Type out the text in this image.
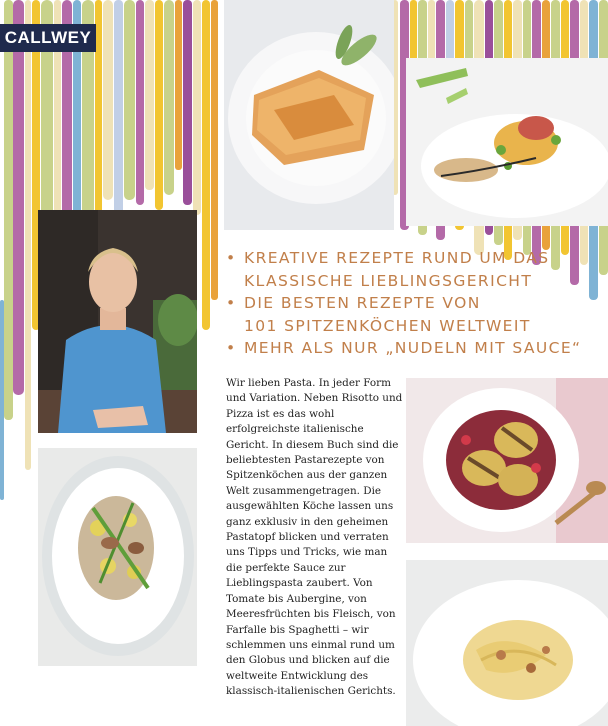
CALLWEY
• KREATIVE REZEPTE RUND UM DAS
KLASSISCHE LIEBLINGSGERICHT
• DIE BESTEN REZEPTE VON
101 SPITZENKÖCHEN WELTWEIT
• MEHR ALS NUR „NUDELN MIT SAUCE“
Wir lieben Pasta. In jeder Form und Variation. Neben Risotto und Pizza ist es das wohl erfolgreichste italienische Gericht. In diesem Buch sind die beliebtesten Pastarezepte von Spitzenköchen aus der ganzen Welt zusammengetragen. Die ausgewählten Köche lassen uns ganz exklusiv in den geheimen Pastatopf blicken und verraten uns Tipps und Tricks, wie man die perfekte Sauce zur Lieblingspasta zaubert. Von Tomate bis Aubergine, von Meeresfrüchten bis Fleisch, von Farfalle bis Spaghetti – wir schlemmen uns einmal rund um den Globus und blicken auf die weltweite Entwicklung des klassisch-italienischen Gerichts.
